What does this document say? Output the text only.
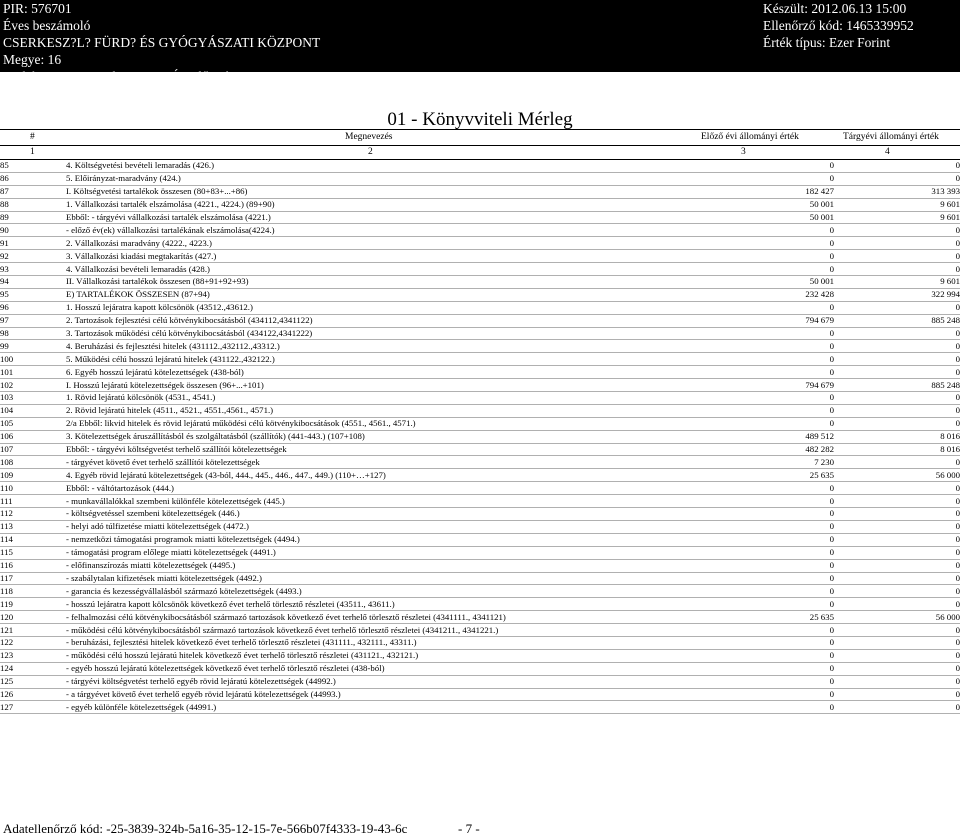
PIR: 576701
Éves beszámoló
CSERKESZ?L? FÜRD? ÉS GYÓGYÁSZATI KÖZPONT
Megye: 16
Szakág: 932900 Szektor: 1251 Év/Időszak: 2011.2
Készült: 2012.06.13 15:00
Ellenőrző kód: 1465339952
Érték típus: Ezer Forint
01 - Könyvviteli Mérleg
#	Megnevezés	Előző évi állományi érték	Tárgyévi állományi érték
1	2	3	4
85	4. Költségvetési bevételi lemaradás (426.)	0	0
86	5. Előirányzat-maradvány (424.)	0	0
87	I. Költségvetési tartalékok összesen (80+83+...+86)	182 427	313 393
88	1. Vállalkozási tartalék elszámolása (4221., 4224.) (89+90)	50 001	9 601
89	Ebből: - tárgyévi vállalkozási tartalék elszámolása (4221.)	50 001	9 601
90	- előző év(ek) vállalkozási tartalékának elszámolása(4224.)	0	0
91	2. Vállalkozási maradvány (4222., 4223.)	0	0
92	3. Vállalkozási kiadási megtakarítás (427.)	0	0
93	4. Vállalkozási bevételi lemaradás (428.)	0	0
94	II. Vállalkozási tartalékok összesen (88+91+92+93)	50 001	9 601
95	E) TARTALÉKOK ÖSSZESEN (87+94)	232 428	322 994
96	1. Hosszú lejáratra kapott kölcsönök (43512.,43612.)	0	0
97	2. Tartozások fejlesztési célú kötvénykibocsátásból (434112,4341122)	794 679	885 248
98	3. Tartozások működési célú kötvénykibocsátásból (434122,4341222)	0	0
99	4. Beruházási és fejlesztési hitelek (431112.,432112.,43312.)	0	0
100	5. Működési célú hosszú lejáratú hitelek (431122.,432122.)	0	0
101	6. Egyéb hosszú lejáratú kötelezettségek (438-ból)	0	0
102	I. Hosszú lejáratú kötelezettségek összesen (96+...+101)	794 679	885 248
103	1. Rövid lejáratú kölcsönök (4531., 4541.)	0	0
104	2. Rövid lejáratú hitelek (4511., 4521., 4551.,4561., 4571.)	0	0
105	2/a Ebből: likvid hitelek és rövid lejáratú működési célú kötvénykibocsátások (4551., 4561., 4571.)	0	0
106	3. Kötelezettségek áruszállításból és szolgáltatásból (szállítók) (441-443.) (107+108)	489 512	8 016
107	Ebből: - tárgyévi költségvetést terhelő szállítói kötelezettségek	482 282	8 016
108	- tárgyévet követő évet terhelő szállítói kötelezettségek	7 230	0
109	4. Egyéb rövid lejáratú kötelezettségek (43-ból, 444., 445., 446., 447., 449.) (110+…+127)	25 635	56 000
110	Ebből: - váltótartozások (444.)	0	0
111	- munkavállalókkal szembeni különféle kötelezettségek (445.)	0	0
112	- költségvetéssel szembeni kötelezettségek (446.)	0	0
113	- helyi adó túlfizetése miatti kötelezettségek (4472.)	0	0
114	- nemzetközi támogatási programok miatti kötelezettségek (4494.)	0	0
115	- támogatási program előlege miatti kötelezettségek (4491.)	0	0
116	- előfinanszírozás miatti kötelezettségek (4495.)	0	0
117	- szabálytalan kifizetések miatti kötelezettségek (4492.)	0	0
118	- garancia és kezességvállalásból származó kötelezettségek (4493.)	0	0
119	- hosszú lejáratra kapott kölcsönök következő évet terhelő törlesztő részletei (43511., 43611.)	0	0
120	- felhalmozási célú kötvénykibocsátásból származó tartozások következő évet terhelő törlesztő részletei (4341111., 4341121)	25 635	56 000
121	- működési célú kötvénykibocsátásból származó tartozások következő évet terhelő törlesztő részletei (4341211., 4341221.)	0	0
122	- beruházási, fejlesztési hitelek következő évet terhelő törlesztő részletei (431111., 432111., 43311.)	0	0
123	- működési célú hosszú lejáratú hitelek következő évet terhelő törlesztő részletei (431121., 432121.)	0	0
124	- egyéb hosszú lejáratú kötelezettségek következő évet terhelő törlesztő részletei (438-ból)	0	0
125	- tárgyévi költségvetést terhelő egyéb rövid lejáratú kötelezettségek (44992.)	0	0
126	- a tárgyévet követő évet terhelő egyéb rövid lejáratú kötelezettségek (44993.)	0	0
127	- egyéb különféle kötelezettségek (44991.)	0	0
Adatellenőrző kód: -25-3839-324b-5a16-35-12-15-7e-566b07f4333-19-43-6c	- 7 -
